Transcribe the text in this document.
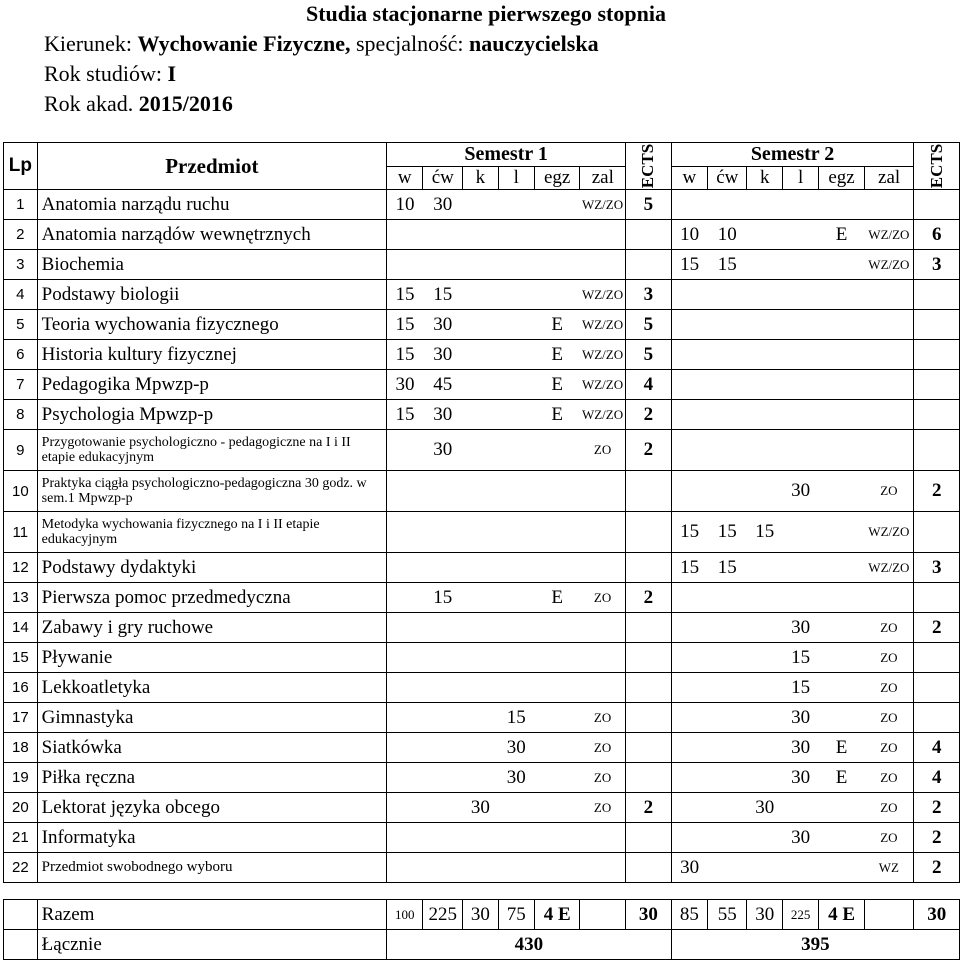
Studia stacjonarne pierwszego stopnia
Kierunek: Wychowanie Fizyczne, specjalność: nauczycielska
Rok studiów: I
Rok akad. 2015/2016
Lp	Przedmiot	Semestr 1						ECTS	Semestr 2						ECTS
		w	ćw	k	l	egz	zal		w	ćw	k	l	egz	zal	
1	Anatomia narządu ruchu	10	30				WZ/ZO	5							
2	Anatomia narządów wewnętrznych								10	10			E	WZ/ZO	6
3	Biochemia								15	15				WZ/ZO	3
4	Podstawy biologii	15	15				WZ/ZO	3							
5	Teoria wychowania fizycznego	15	30			E	WZ/ZO	5							
6	Historia kultury fizycznej	15	30			E	WZ/ZO	5							
7	Pedagogika Mpwzp-p	30	45			E	WZ/ZO	4							
8	Psychologia Mpwzp-p	15	30			E	WZ/ZO	2							
9	Przygotowanie psychologiczno - pedagogiczne na I i II etapie edukacyjnym		30				ZO	2							
10	Praktyka ciągła psychologiczno-pedagogiczna 30 godz. w sem.1 Mpwzp-p											30		ZO	2
11	Metodyka wychowania fizycznego na I i II etapie edukacyjnym								15	15	15			WZ/ZO	
12	Podstawy dydaktyki								15	15				WZ/ZO	3
13	Pierwsza pomoc przedmedyczna		15			E	ZO	2							
14	Zabawy i gry ruchowe											30		ZO	2
15	Pływanie											15		ZO	
16	Lekkoatletyka											15		ZO	
17	Gimnastyka				15		ZO					30		ZO	
18	Siatkówka				30		ZO					30	E	ZO	4
19	Piłka ręczna				30		ZO					30	E	ZO	4
20	Lektorat języka obcego			30			ZO	2			30			ZO	2
21	Informatyka											30		ZO	2
22	Przedmiot swobodnego wyboru								30					WZ	2

	Razem	100	225	30	75	4 E		30	85	55	30	225	4 E		30
	Łącznie	430							395						
